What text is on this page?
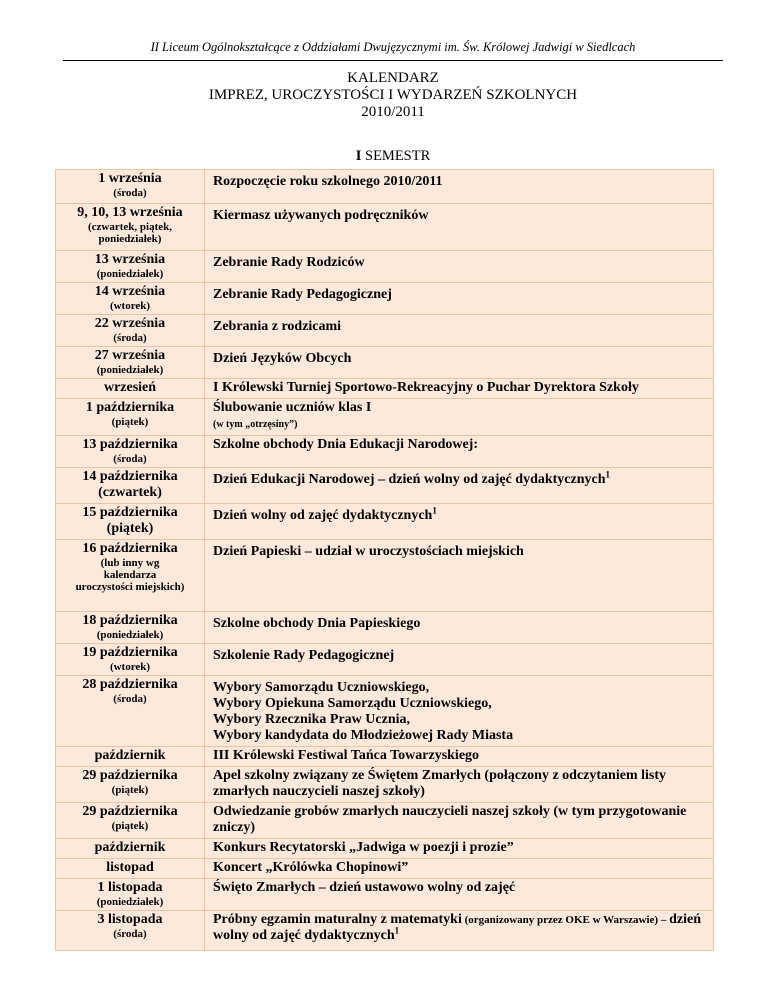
II Liceum Ogólnokształcące z Oddziałami Dwujęzycznymi im. Św. Królowej Jadwigi w Siedlcach
KALENDARZ
IMPREZ, UROCZYSTOŚCI I WYDARZEŃ SZKOLNYCH
2010/2011
I SEMESTR
1 września
(środa)	Rozpoczęcie roku szkolnego 2010/2011

9, 10, 13 września
(czwartek, piątek, poniedziałek)	Kiermasz używanych podręczników

13 września
(poniedziałek)	Zebranie Rady Rodziców

14 września
(wtorek)	Zebranie Rady Pedagogicznej

22 września
(środa)	Zebrania z rodzicami

27 września
(poniedziałek)	Dzień Języków Obcych
wrzesień	I Królewski Turniej Sportowo-Rekreacyjny o Puchar Dyrektora Szkoły

1 października
(piątek)	Ślubowanie uczniów klas I
(w tym „otrzęsiny”)

13 października
(środa)	Szkolne obchody Dnia Edukacji Narodowej:

14 października
(czwartek)	Dzień Edukacji Narodowej – dzień wolny od zajęć dydaktycznych$^1$

15 października
(piątek)	Dzień wolny od zajęć dydaktycznych$^1$

16 października
(lub inny wg kalendarza uroczystości miejskich)	Dzień Papieski – udział w uroczystościach miejskich

18 października
(poniedziałek)	Szkolne obchody Dnia Papieskiego

19 października
(wtorek)	Szkolenie Rady Pedagogicznej

28 października
(środa)	Wybory Samorządu Uczniowskiego,
Wybory Opiekuna Samorządu Uczniowskiego,
Wybory Rzecznika Praw Ucznia,
Wybory kandydata do Młodzieżowej Rady Miasta

październik	III Królewski Festiwal Tańca Towarzyskiego

29 października
(piątek)	Apel szkolny związany ze Świętem Zmarłych (połączony z odczytaniem listy zmarłych nauczycieli naszej szkoły)

29 października
(piątek)	Odwiedzanie grobów zmarłych nauczycieli naszej szkoły (w tym przygotowanie zniczy)
październik	Konkurs Recytatorski „Jadwiga w poezji i prozie”
listopad	Koncert „Królówka Chopinowi”

1 listopada
(poniedziałek)	Święto Zmarłych – dzień ustawowo wolny od zajęć

3 listopada
(środa)	Próbny egzamin maturalny z matematyki (organizowany przez OKE w Warszawie) – dzień wolny od zajęć dydaktycznych$^1$
